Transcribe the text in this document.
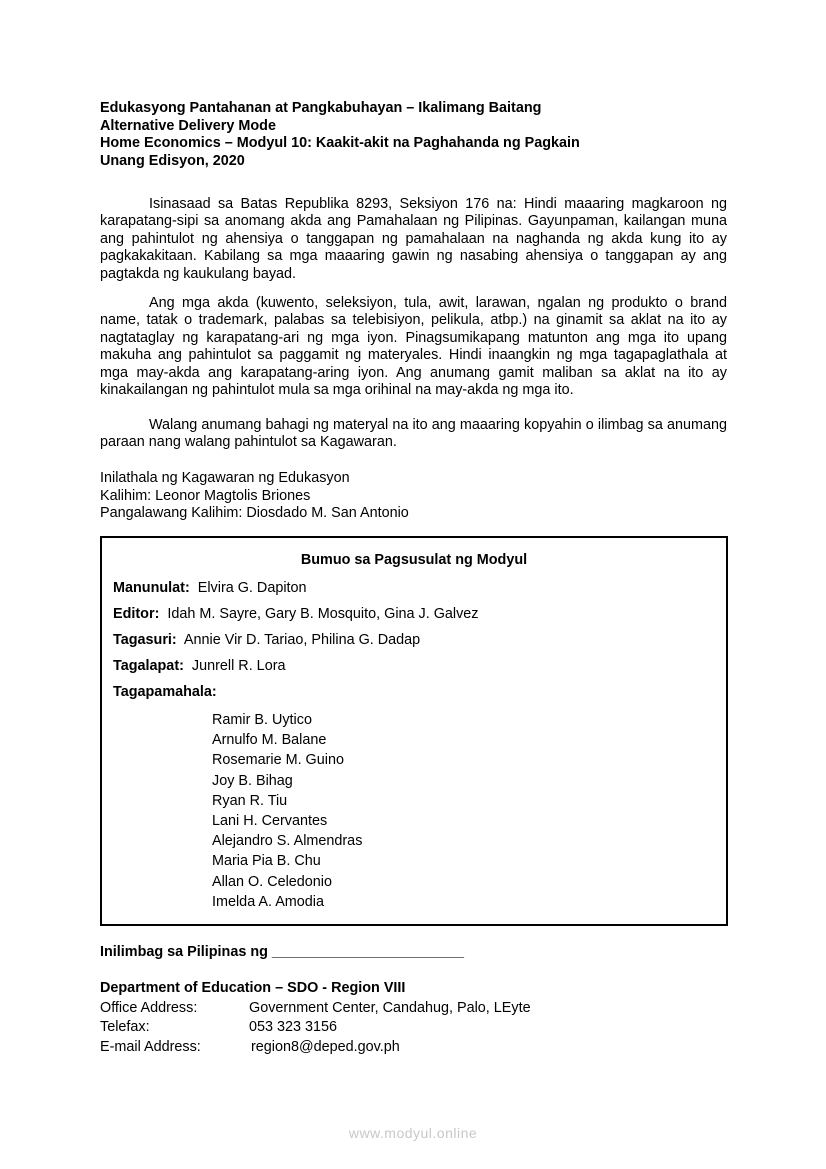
Edukasyong Pantahanan at Pangkabuhayan – Ikalimang Baitang
Alternative Delivery Mode
Home Economics – Modyul 10: Kaakit-akit na Paghahanda ng Pagkain
Unang Edisyon, 2020
Isinasaad sa Batas Republika 8293, Seksiyon 176 na: Hindi maaaring magkaroon ng karapatang-sipi sa anomang akda ang Pamahalaan ng Pilipinas. Gayunpaman, kailangan muna ang pahintulot ng ahensiya o tanggapan ng pamahalaan na naghanda ng akda kung ito ay pagkakakitaan. Kabilang sa mga maaaring gawin ng nasabing ahensiya o tanggapan ay ang pagtakda ng kaukulang bayad.
Ang mga akda (kuwento, seleksiyon, tula, awit, larawan, ngalan ng produkto o brand name, tatak o trademark, palabas sa telebisiyon, pelikula, atbp.) na ginamit sa aklat na ito ay nagtataglay ng karapatang-ari ng mga iyon. Pinagsumikapang matunton ang mga ito upang makuha ang pahintulot sa paggamit ng materyales. Hindi inaangkin ng mga tagapaglathala at mga may-akda ang karapatang-aring iyon. Ang anumang gamit maliban sa aklat na ito ay kinakailangan ng pahintulot mula sa mga orihinal na may-akda ng mga ito.
Walang anumang bahagi ng materyal na ito ang maaaring kopyahin o ilimbag sa anumang paraan nang walang pahintulot sa Kagawaran.
Inilathala ng Kagawaran ng Edukasyon
Kalihim: Leonor Magtolis Briones
Pangalawang Kalihim: Diosdado M. San Antonio
Bumuo sa Pagsusulat ng Modyul
Manunulat: Elvira G. Dapiton
Editor: Idah M. Sayre, Gary B. Mosquito, Gina J. Galvez
Tagasuri: Annie Vir D. Tariao, Philina G. Dadap
Tagalapat: Junrell R. Lora
Tagapamahala:
Ramir B. Uytico
Arnulfo M. Balane
Rosemarie M. Guino
Joy B. Bihag
Ryan R. Tiu
Lani H. Cervantes
Alejandro S. Almendras
Maria Pia B. Chu
Allan O. Celedonio
Imelda A. Amodia
Inilimbag sa Pilipinas ng ________________________
Department of Education – SDO - Region VIII
Office Address:	Government Center, Candahug, Palo, LEyte
Telefax:	053 323 3156
E-mail Address:	region8@deped.gov.ph
www.modyul.online
